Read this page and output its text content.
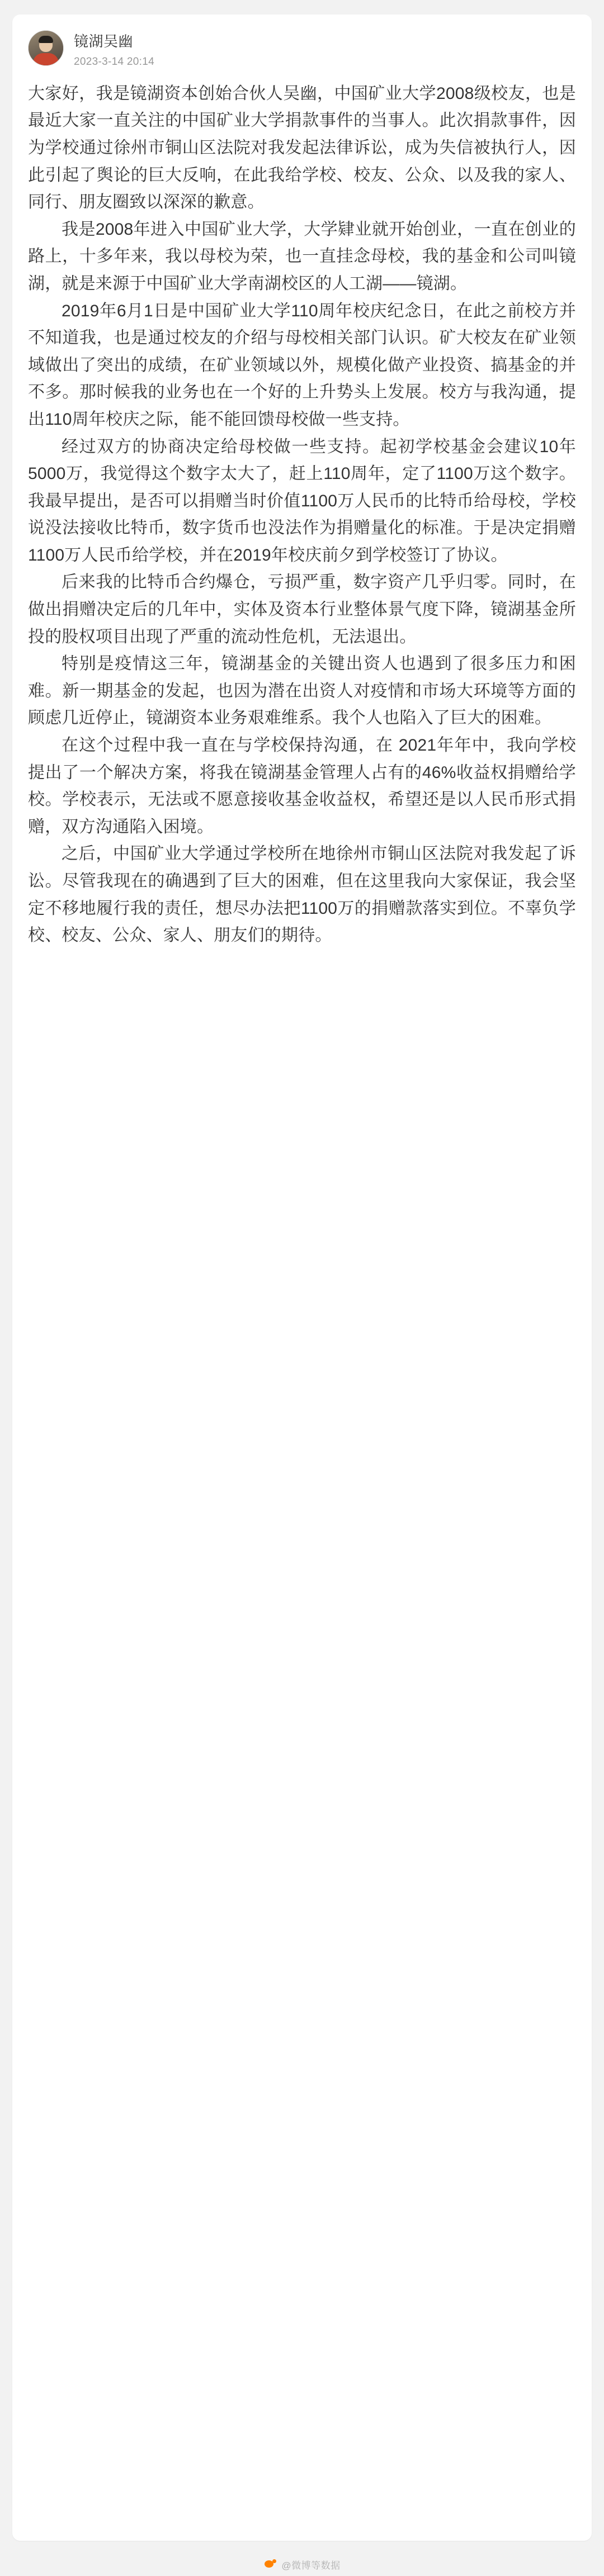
镜湖吴幽
2023-3-14 20:14

大家好，我是镜湖资本创始合伙人吴幽，中国矿业大学2008级校友，也是最近大家一直关注的中国矿业大学捐款事件的当事人。此次捐款事件，因为学校通过徐州市铜山区法院对我发起法律诉讼，成为失信被执行人，因此引起了舆论的巨大反响，在此我给学校、校友、公众、以及我的家人、同行、朋友圈致以深深的歉意。

我是2008年进入中国矿业大学，大学肄业就开始创业，一直在创业的路上，十多年来，我以母校为荣，也一直挂念母校，我的基金和公司叫镜湖，就是来源于中国矿业大学南湖校区的人工湖——镜湖。

2019年6月1日是中国矿业大学110周年校庆纪念日，在此之前校方并不知道我，也是通过校友的介绍与母校相关部门认识。矿大校友在矿业领域做出了突出的成绩，在矿业领域以外，规模化做产业投资、搞基金的并不多。那时候我的业务也在一个好的上升势头上发展。校方与我沟通，提出110周年校庆之际，能不能回馈母校做一些支持。

经过双方的协商决定给母校做一些支持。起初学校基金会建议10年5000万，我觉得这个数字太大了，赶上110周年，定了1100万这个数字。我最早提出，是否可以捐赠当时价值1100万人民币的比特币给母校，学校说没法接收比特币，数字货币也没法作为捐赠量化的标准。于是决定捐赠1100万人民币给学校，并在2019年校庆前夕到学校签订了协议。

后来我的比特币合约爆仓，亏损严重，数字资产几乎归零。同时，在做出捐赠决定后的几年中，实体及资本行业整体景气度下降，镜湖基金所投的股权项目出现了严重的流动性危机，无法退出。

特别是疫情这三年，镜湖基金的关键出资人也遇到了很多压力和困难。新一期基金的发起，也因为潜在出资人对疫情和市场大环境等方面的顾虑几近停止，镜湖资本业务艰难维系。我个人也陷入了巨大的困难。

在这个过程中我一直在与学校保持沟通，在 2021年年中，我向学校提出了一个解决方案，将我在镜湖基金管理人占有的46%收益权捐赠给学校。学校表示，无法或不愿意接收基金收益权，希望还是以人民币形式捐赠，双方沟通陷入困境。

之后，中国矿业大学通过学校所在地徐州市铜山区法院对我发起了诉讼。尽管我现在的确遇到了巨大的困难，但在这里我向大家保证，我会坚定不移地履行我的责任，想尽办法把1100万的捐赠款落实到位。不辜负学校、校友、公众、家人、朋友们的期待。

@微博等数据
